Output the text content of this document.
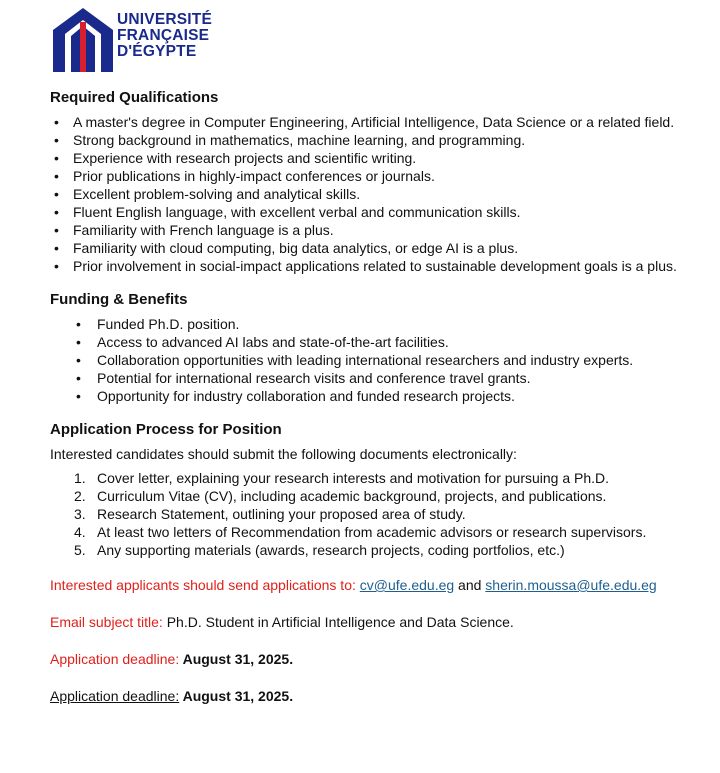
UNIVERSITÉ
FRANÇAISE
D'ÉGYPTE
Required Qualifications
• A master's degree in Computer Engineering, Artificial Intelligence, Data Science or a related field.
• Strong background in mathematics, machine learning, and programming.
• Experience with research projects and scientific writing.
• Prior publications in highly-impact conferences or journals.
• Excellent problem-solving and analytical skills.
• Fluent English language, with excellent verbal and communication skills.
• Familiarity with French language is a plus.
• Familiarity with cloud computing, big data analytics, or edge AI is a plus.
• Prior involvement in social-impact applications related to sustainable development goals is a plus.
Funding & Benefits
• Funded Ph.D. position.
• Access to advanced AI labs and state-of-the-art facilities.
• Collaboration opportunities with leading international researchers and industry experts.
• Potential for international research visits and conference travel grants.
• Opportunity for industry collaboration and funded research projects.
Application Process for Position

Interested candidates should submit the following documents electronically:

1. Cover letter, explaining your research interests and motivation for pursuing a Ph.D.
2. Curriculum Vitae (CV), including academic background, projects, and publications.
3. Research Statement, outlining your proposed area of study.
4. At least two letters of Recommendation from academic advisors or research supervisors.
5. Any supporting materials (awards, research projects, coding portfolios, etc.)

Interested applicants should send applications to: cv@ufe.edu.eg and sherin.moussa@ufe.edu.eg

Email subject title: Ph.D. Student in Artificial Intelligence and Data Science.

Application deadline: August 31, 2025.

Application deadline: August 31, 2025.
